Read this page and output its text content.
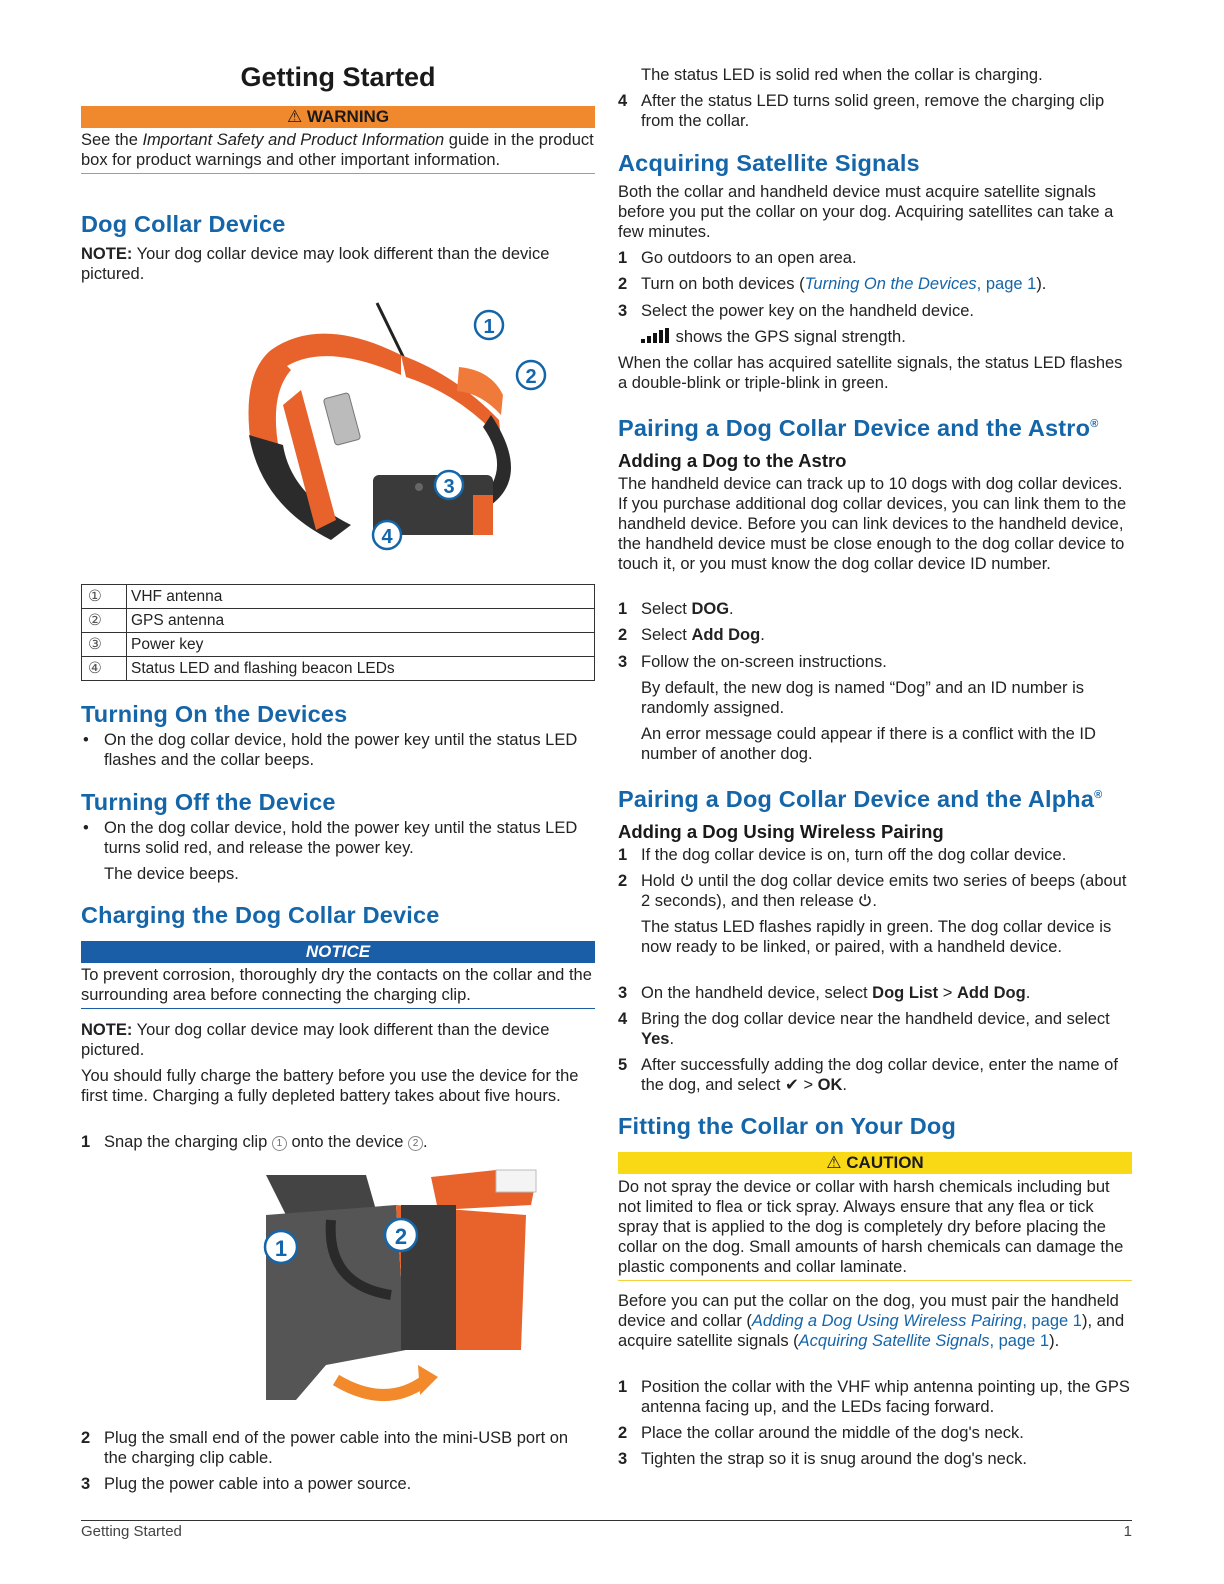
Getting Started
⚠ WARNING

See the Important Safety and Product Information guide in the product box for product warnings and other important information.

Dog Collar Device

NOTE: Your dog collar device may look different than the device pictured.

1
2
3
4
①	VHF antenna
②	GPS antenna
③	Power key
④	Status LED and flashing beacon LEDs
Turning On the Devices
• On the dog collar device, hold the power key until the status LED flashes and the collar beeps.
Turning Off the Device
• On the dog collar device, hold the power key until the status LED turns solid red, and release the power key.

The device beeps.

Charging the Dog Collar Device
NOTICE

To prevent corrosion, thoroughly dry the contacts on the collar and the surrounding area before connecting the charging clip.

NOTE: Your dog collar device may look different than the device pictured.

You should fully charge the battery before you use the device for the first time. Charging a fully depleted battery takes about five hours.

1 Snap the charging clip 1 onto the device 2 .
1	2
2 Plug the small end of the power cable into the mini-USB port on the charging clip cable.
3 Plug the power cable into a power source.

The status LED is solid red when the collar is charging.

4 After the status LED turns solid green, remove the charging clip from the collar.
Acquiring Satellite Signals

Both the collar and handheld device must acquire satellite signals before you put the collar on your dog. Acquiring satellites can take a few minutes.

1 Go outdoors to an open area.
2 Turn on both devices (Turning On the Devices, page 1).
3 Select the power key on the handheld device.

shows the GPS signal strength.

When the collar has acquired satellite signals, the status LED flashes a double-blink or triple-blink in green.

Pairing a Dog Collar Device and the Astro®
Adding a Dog to the Astro

The handheld device can track up to 10 dogs with dog collar devices. If you purchase additional dog collar devices, you can link them to the handheld device. Before you can link devices to the handheld device, the handheld device must be close enough to the dog collar device to touch it, or you must know the dog collar device ID number.

1 Select DOG.
2 Select Add Dog.
3 Follow the on-screen instructions.

By default, the new dog is named “Dog” and an ID number is randomly assigned.

An error message could appear if there is a conflict with the ID number of another dog.

Pairing a Dog Collar Device and the Alpha®
Adding a Dog Using Wireless Pairing
1 If the dog collar device is on, turn off the dog collar device.
2 Hold  until the dog collar device emits two series of beeps (about 2 seconds), and then release .

The status LED flashes rapidly in green. The dog collar device is now ready to be linked, or paired, with a handheld device.

3 On the handheld device, select Dog List > Add Dog.
4 Bring the dog collar device near the handheld device, and select Yes.
5 After successfully adding the dog collar device, enter the name of the dog, and select ✔ > OK.
Fitting the Collar on Your Dog
⚠ CAUTION

Do not spray the device or collar with harsh chemicals including but not limited to flea or tick spray. Always ensure that any flea or tick spray that is applied to the dog is completely dry before placing the collar on the dog. Small amounts of harsh chemicals can damage the plastic components and collar laminate.

Before you can put the collar on the dog, you must pair the handheld device and collar (Adding a Dog Using Wireless Pairing, page 1), and acquire satellite signals (Acquiring Satellite Signals, page 1).

1 Position the collar with the VHF whip antenna pointing up, the GPS antenna facing up, and the LEDs facing forward.
2 Place the collar around the middle of the dog's neck.
3 Tighten the strap so it is snug around the dog's neck.
Getting Started	1
